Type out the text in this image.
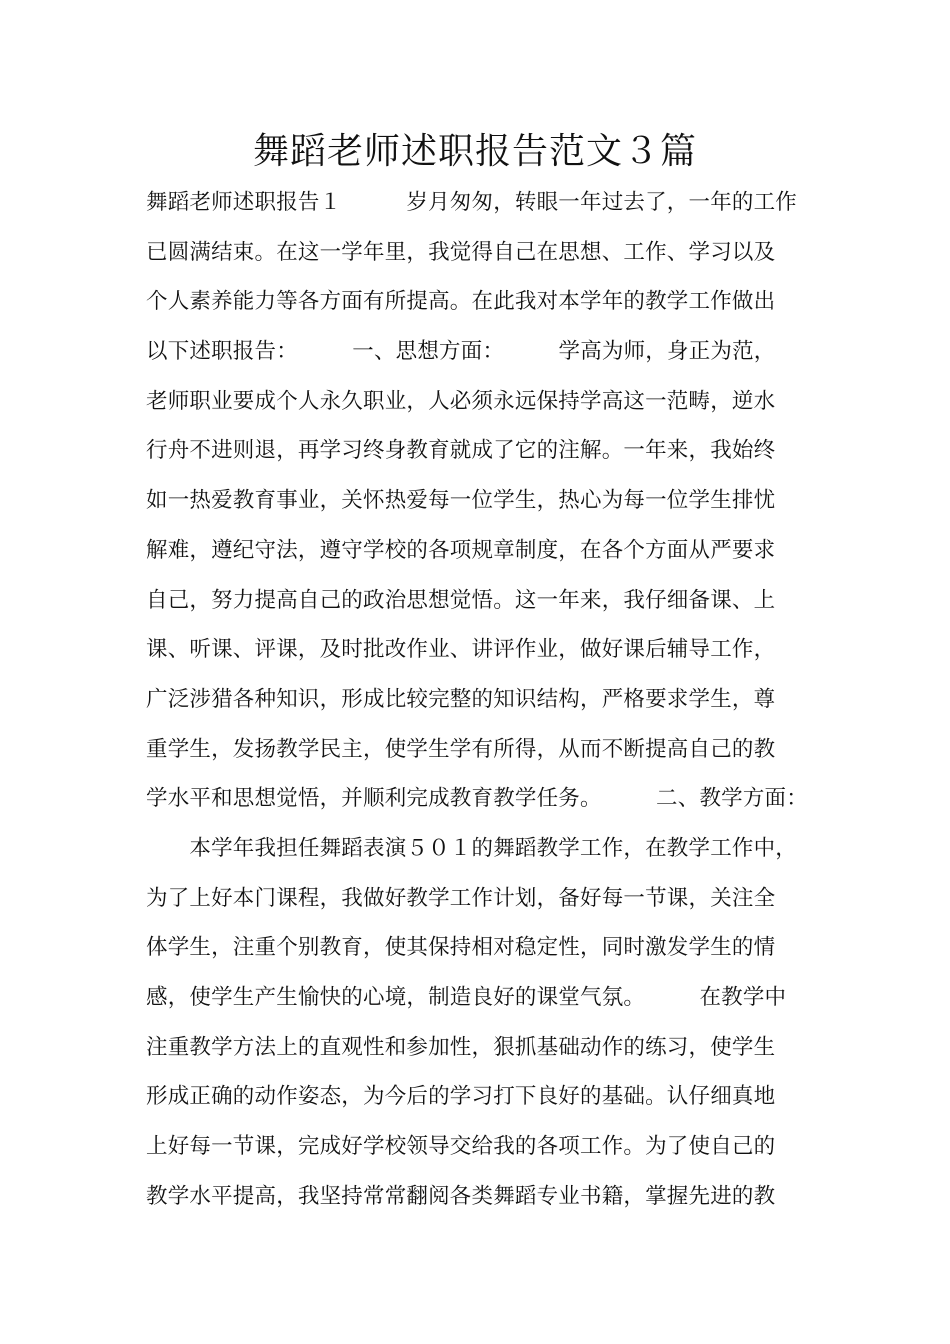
舞蹈老师述职报告范文３篇
舞蹈老师述职报告１　　　岁月匆匆，转眼一年过去了，一年的工作
已圆满结束。在这一学年里，我觉得自己在思想、工作、学习以及
个人素养能力等各方面有所提高。在此我对本学年的教学工作做出
以下述职报告：　　　一、思想方面：　　　学高为师，身正为范，
老师职业要成个人永久职业，人必须永远保持学高这一范畴，逆水
行舟不进则退，再学习终身教育就成了它的注解。一年来，我始终
如一热爱教育事业，关怀热爱每一位学生，热心为每一位学生排忧
解难，遵纪守法，遵守学校的各项规章制度，在各个方面从严要求
自己，努力提高自己的政治思想觉悟。这一年来，我仔细备课、上
课、听课、评课，及时批改作业、讲评作业，做好课后辅导工作，
广泛涉猎各种知识，形成比较完整的知识结构，严格要求学生，尊
重学生，发扬教学民主，使学生学有所得，从而不断提高自己的教
学水平和思想觉悟，并顺利完成教育教学任务。　　　二、教学方面：
　　本学年我担任舞蹈表演５０１的舞蹈教学工作，在教学工作中，
为了上好本门课程，我做好教学工作计划，备好每一节课，关注全
体学生，注重个别教育，使其保持相对稳定性，同时激发学生的情
感，使学生产生愉快的心境，制造良好的课堂气氛。　　　在教学中
注重教学方法上的直观性和参加性，狠抓基础动作的练习，使学生
形成正确的动作姿态，为今后的学习打下良好的基础。认仔细真地
上好每一节课，完成好学校领导交给我的各项工作。为了使自己的
教学水平提高，我坚持常常翻阅各类舞蹈专业书籍，掌握先进的教
